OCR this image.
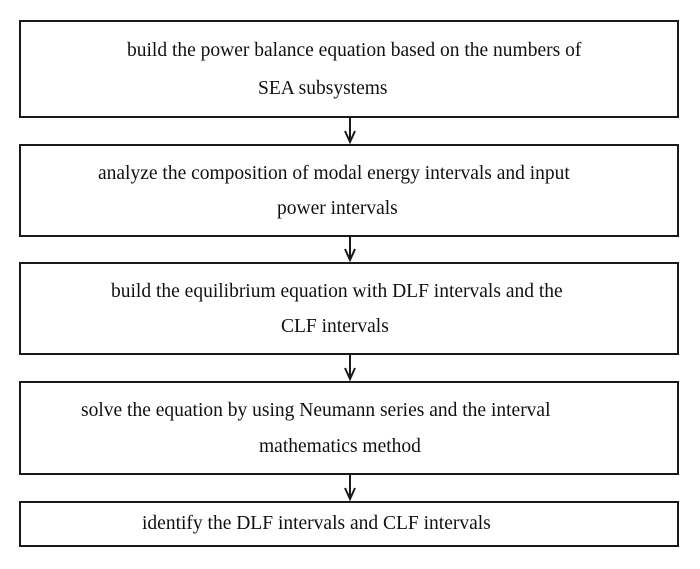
build the power balance equation based on the numbers of
SEA subsystems
analyze the composition of modal energy intervals and input
power intervals
build the equilibrium equation with DLF intervals and the
CLF intervals
solve the equation by using Neumann series and the interval
mathematics method
identify the DLF intervals and CLF intervals
